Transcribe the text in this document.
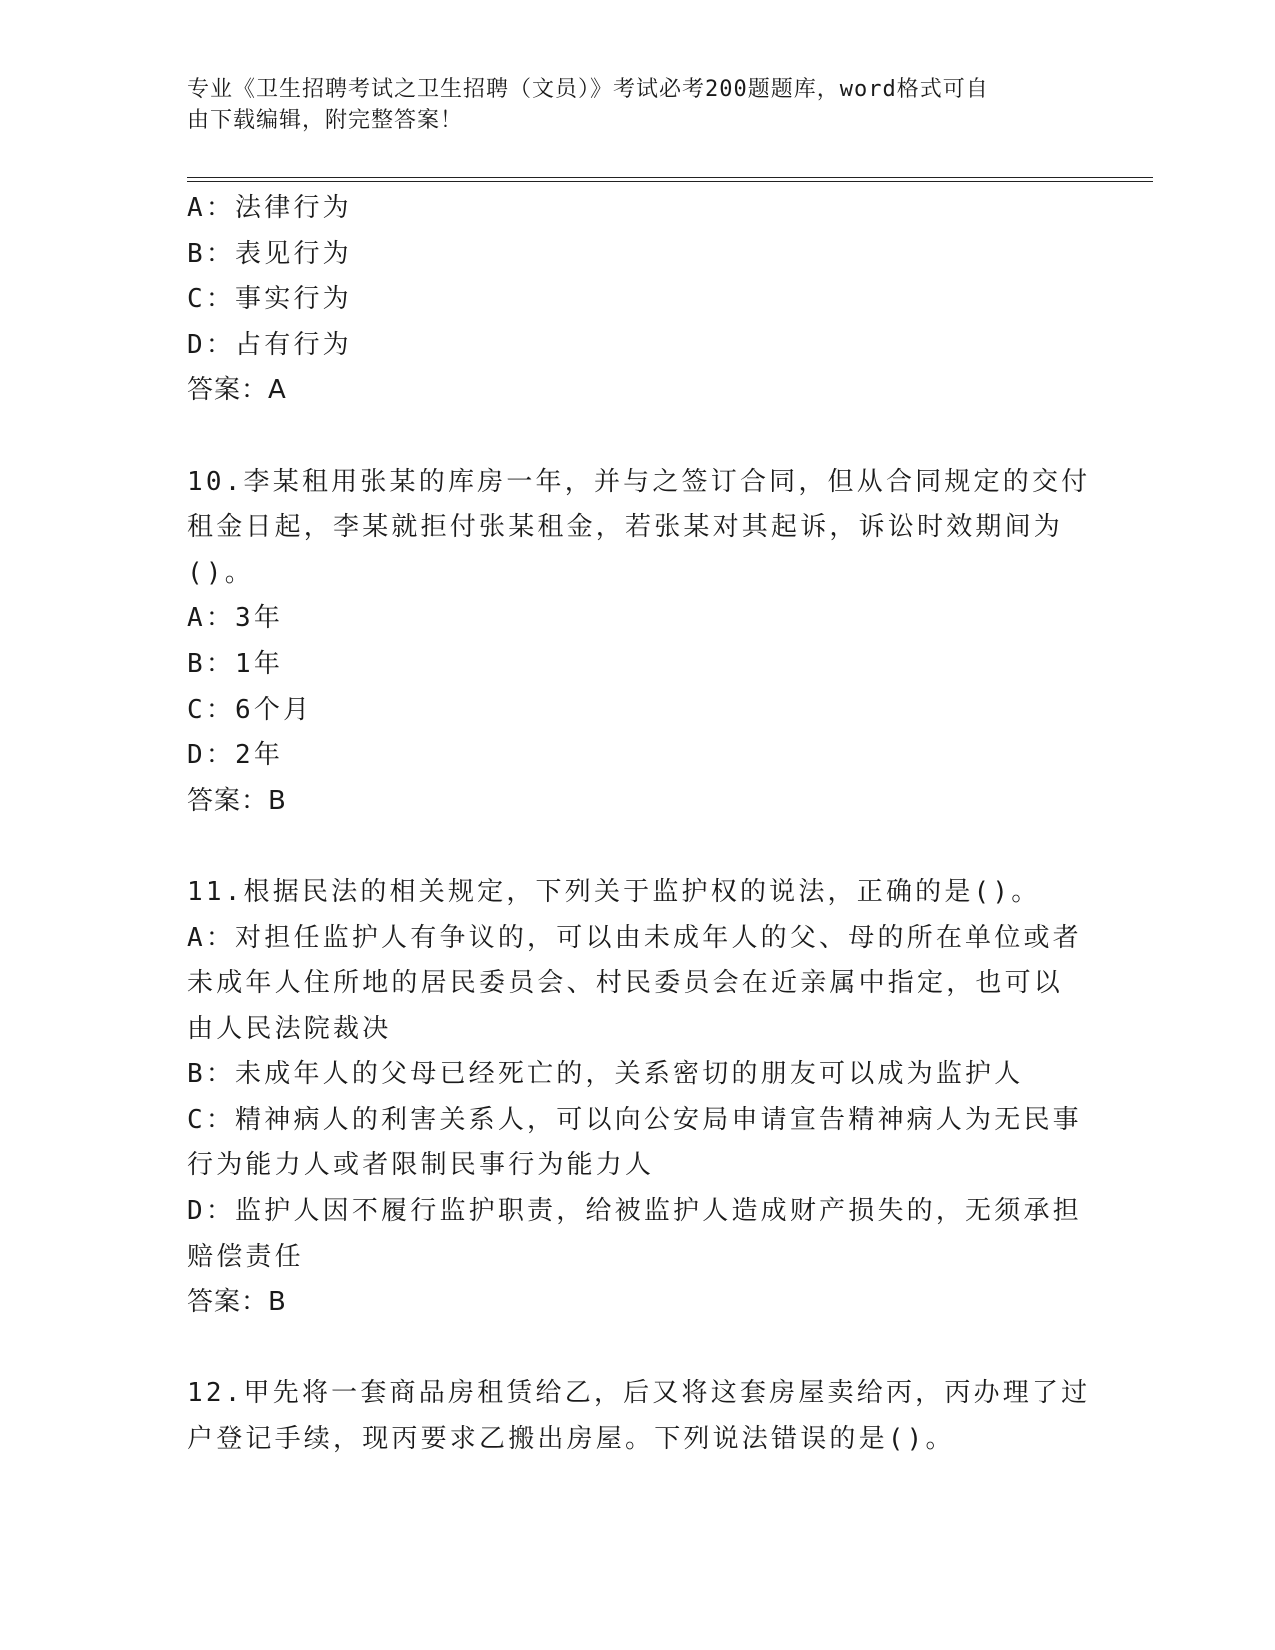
专业《卫生招聘考试之卫生招聘（文员）》考试必考200题题库，word格式可自
由下载编辑，附完整答案！
A：法律行为
B：表见行为
C：事实行为
D：占有行为
答案：A
10.李某租用张某的库房一年，并与之签订合同，但从合同规定的交付
租金日起，李某就拒付张某租金，若张某对其起诉，诉讼时效期间为
()。
A：3年
B：1年
C：6个月
D：2年
答案：B
11.根据民法的相关规定，下列关于监护权的说法，正确的是()。
A：对担任监护人有争议的，可以由未成年人的父、母的所在单位或者
未成年人住所地的居民委员会、村民委员会在近亲属中指定，也可以
由人民法院裁决
B：未成年人的父母已经死亡的，关系密切的朋友可以成为监护人
C：精神病人的利害关系人，可以向公安局申请宣告精神病人为无民事
行为能力人或者限制民事行为能力人
D：监护人因不履行监护职责，给被监护人造成财产损失的，无须承担
赔偿责任
答案：B
12.甲先将一套商品房租赁给乙，后又将这套房屋卖给丙，丙办理了过
户登记手续，现丙要求乙搬出房屋。下列说法错误的是()。
